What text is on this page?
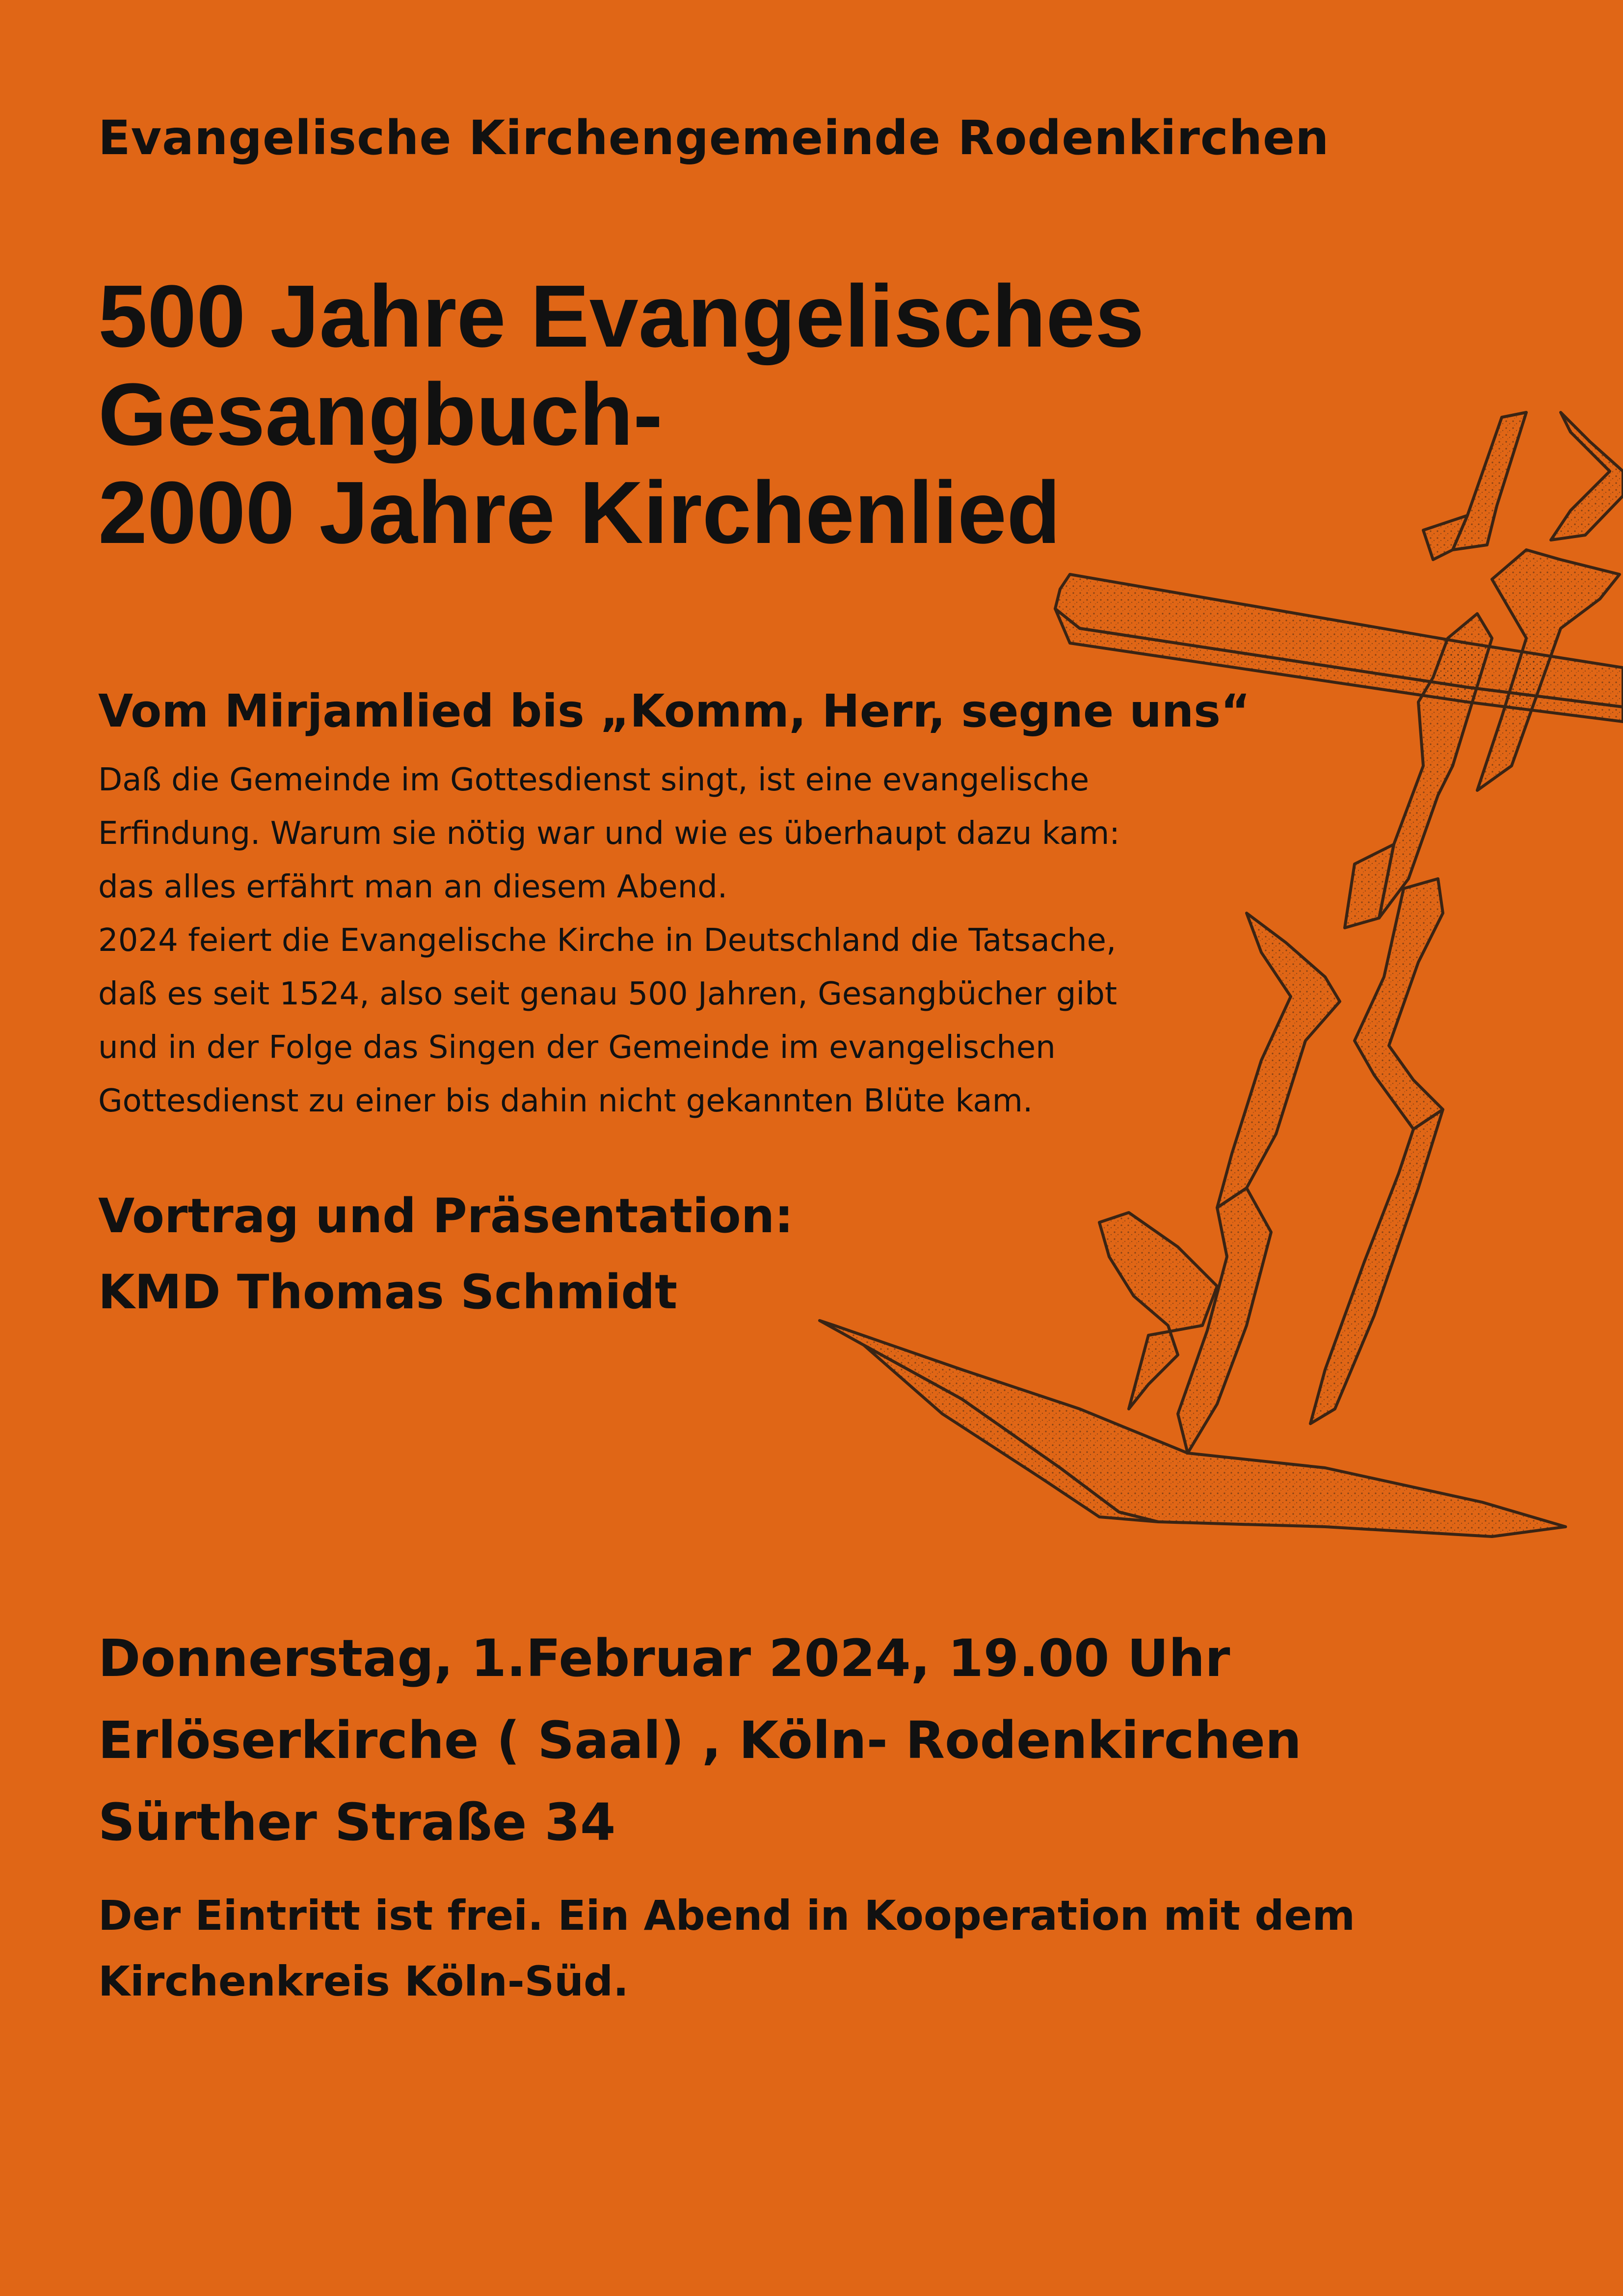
Evangelische Kirchengemeinde Rodenkirchen
500 Jahre Evangelisches
Gesangbuch-
2000 Jahre Kirchenlied
Vom Mirjamlied bis „Komm, Herr, segne uns“
Daß die Gemeinde im Gottesdienst singt, ist eine evangelische
Erfindung. Warum sie nötig war und wie es überhaupt dazu kam:
das alles erfährt man an diesem Abend.
2024 feiert die Evangelische Kirche in Deutschland die Tatsache,
daß es seit 1524, also seit genau 500 Jahren, Gesangbücher gibt
und in der Folge das Singen der Gemeinde im evangelischen
Gottesdienst zu einer bis dahin nicht gekannten Blüte kam.
Vortrag und Präsentation:
KMD Thomas Schmidt
Donnerstag, 1.Februar 2024, 19.00 Uhr
Erlöserkirche ( Saal) , Köln- Rodenkirchen
Sürther Straße 34
Der Eintritt ist frei. Ein Abend in Kooperation mit dem
Kirchenkreis Köln-Süd.
